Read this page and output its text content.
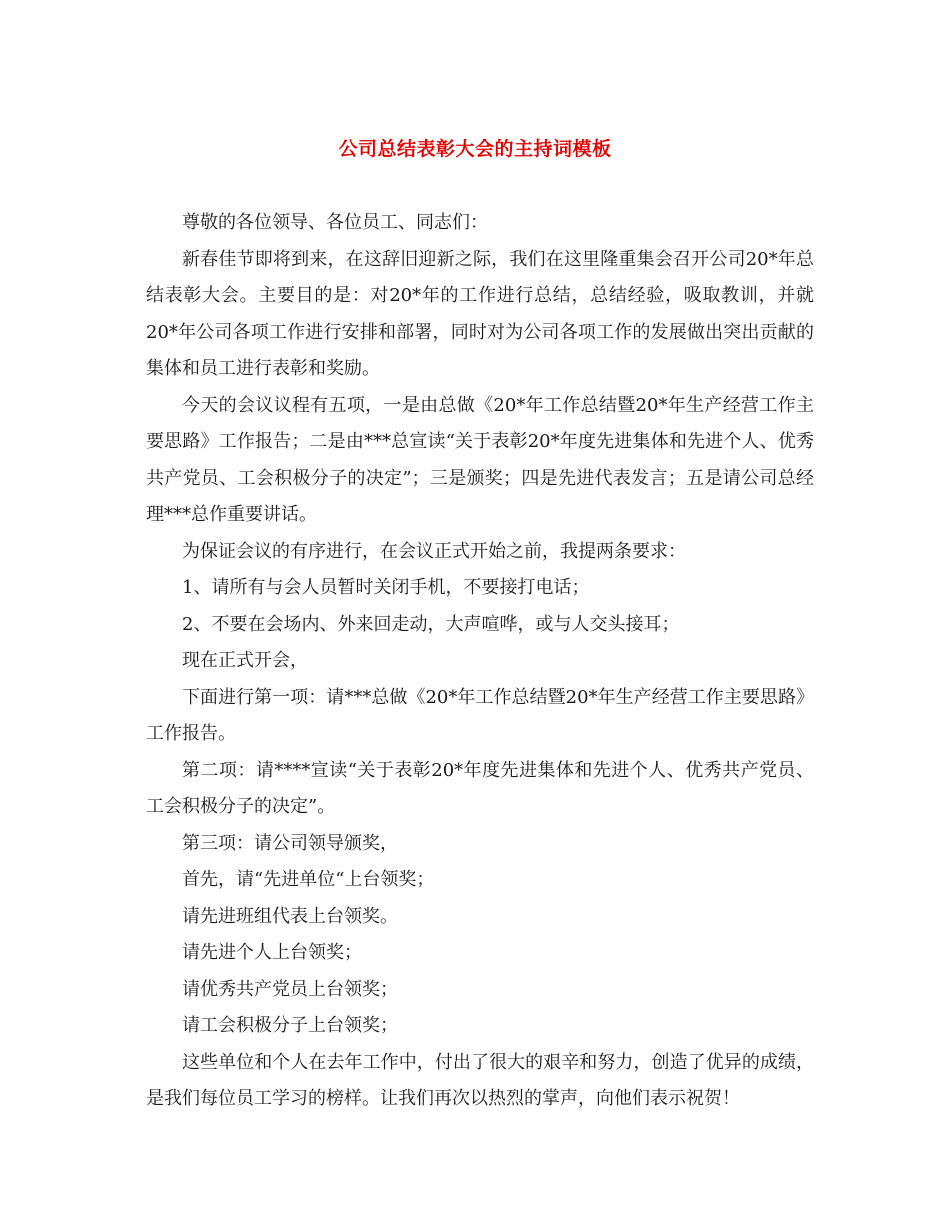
公司总结表彰大会的主持词模板

尊敬的各位领导、各位员工、同志们：

新春佳节即将到来，在这辞旧迎新之际，我们在这里隆重集会召开公司20*年总结表彰大会。主要目的是：对20*年的工作进行总结，总结经验，吸取教训，并就20*年公司各项工作进行安排和部署，同时对为公司各项工作的发展做出突出贡献的集体和员工进行表彰和奖励。

今天的会议议程有五项，一是由总做《20*年工作总结暨20*年生产经营工作主要思路》工作报告；二是由***总宣读“关于表彰20*年度先进集体和先进个人、优秀共产党员、工会积极分子的决定”；三是颁奖；四是先进代表发言；五是请公司总经理***总作重要讲话。

为保证会议的有序进行，在会议正式开始之前，我提两条要求：

1、请所有与会人员暂时关闭手机，不要接打电话；

2、不要在会场内、外来回走动，大声喧哗，或与人交头接耳；

现在正式开会，

下面进行第一项：请***总做《20*年工作总结暨20*年生产经营工作主要思路》工作报告。

第二项：请****宣读“关于表彰20*年度先进集体和先进个人、优秀共产党员、工会积极分子的决定”。

第三项：请公司领导颁奖，

首先，请“先进单位“上台领奖；

请先进班组代表上台领奖。

请先进个人上台领奖；

请优秀共产党员上台领奖；

请工会积极分子上台领奖；

这些单位和个人在去年工作中，付出了很大的艰辛和努力，创造了优异的成绩，是我们每位员工学习的榜样。让我们再次以热烈的掌声，向他们表示祝贺！
